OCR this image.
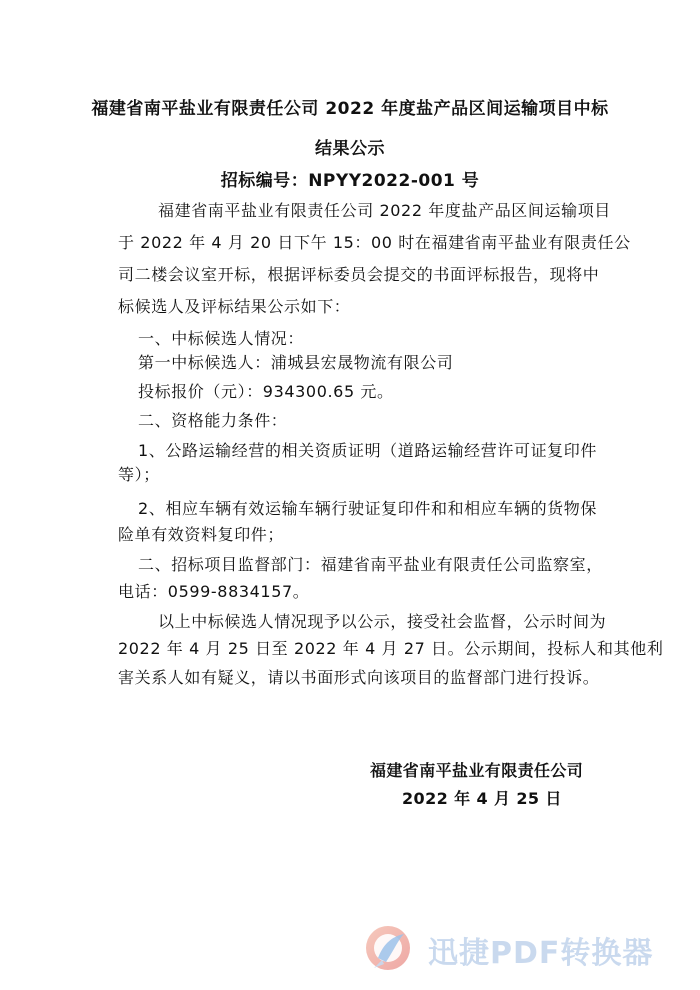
福建省南平盐业有限责任公司 2022 年度盐产品区间运输项目中标
结果公示
招标编号：NPYY2022-001 号
福建省南平盐业有限责任公司 2022 年度盐产品区间运输项目
于 2022 年 4 月 20 日下午 15：00 时在福建省南平盐业有限责任公
司二楼会议室开标，根据评标委员会提交的书面评标报告，现将中
标候选人及评标结果公示如下：
一、中标候选人情况：
第一中标候选人：浦城县宏晟物流有限公司
投标报价（元）：934300.65 元。
二、资格能力条件：
1、公路运输经营的相关资质证明（道路运输经营许可证复印件
等）；
2、相应车辆有效运输车辆行驶证复印件和和相应车辆的货物保
险单有效资料复印件；
二、招标项目监督部门：福建省南平盐业有限责任公司监察室，
电话：0599-8834157。
以上中标候选人情况现予以公示，接受社会监督，公示时间为
2022 年 4 月 25 日至 2022 年 4 月 27 日。公示期间，投标人和其他利
害关系人如有疑义，请以书面形式向该项目的监督部门进行投诉。
福建省南平盐业有限责任公司
2022 年 4 月 25 日
迅捷PDF转换器
